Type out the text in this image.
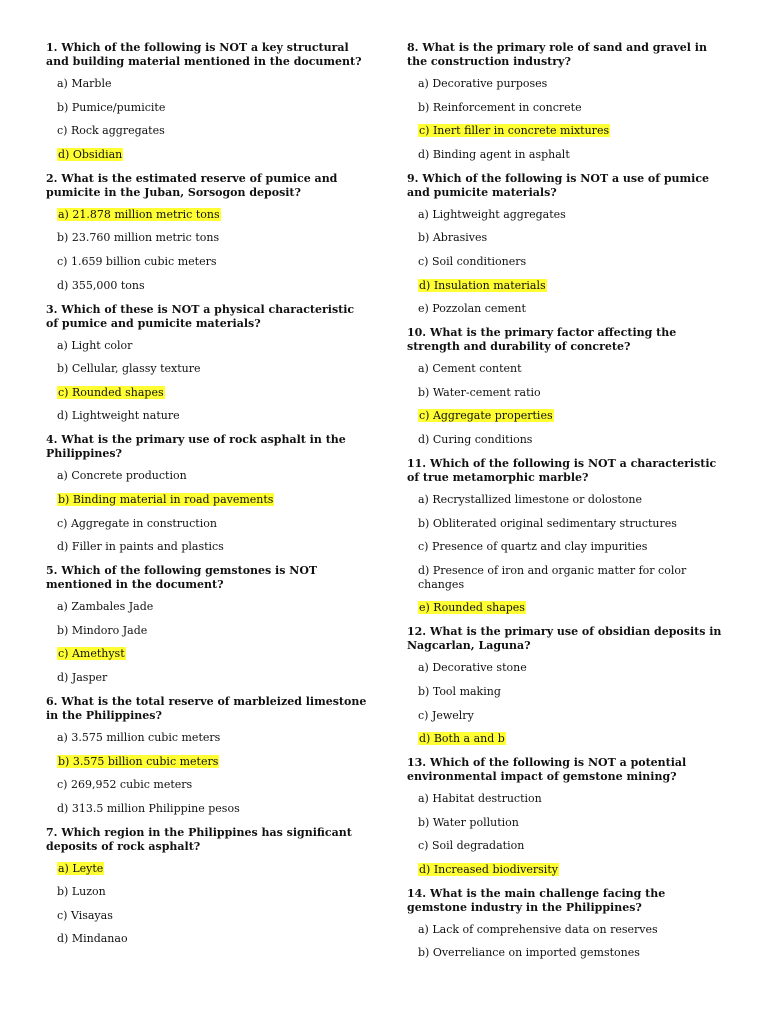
1. Which of the following is NOT a key structural and building material mentioned in the document?
a) Marble
b) Pumice/pumicite
c) Rock aggregates
d) Obsidian
2. What is the estimated reserve of pumice and pumicite in the Juban, Sorsogon deposit?
a) 21.878 million metric tons
b) 23.760 million metric tons
c) 1.659 billion cubic meters
d) 355,000 tons
3. Which of these is NOT a physical characteristic of pumice and pumicite materials?
a) Light color
b) Cellular, glassy texture
c) Rounded shapes
d) Lightweight nature
4. What is the primary use of rock asphalt in the Philippines?
a) Concrete production
b) Binding material in road pavements
c) Aggregate in construction
d) Filler in paints and plastics
5. Which of the following gemstones is NOT mentioned in the document?
a) Zambales Jade
b) Mindoro Jade
c) Amethyst
d) Jasper
6. What is the total reserve of marbleized limestone in the Philippines?
a) 3.575 million cubic meters
b) 3.575 billion cubic meters
c) 269,952 cubic meters
d) 313.5 million Philippine pesos
7. Which region in the Philippines has significant deposits of rock asphalt?
a) Leyte
b) Luzon
c) Visayas
d) Mindanao
8. What is the primary role of sand and gravel in the construction industry?
a) Decorative purposes
b) Reinforcement in concrete
c) Inert filler in concrete mixtures
d) Binding agent in asphalt
9. Which of the following is NOT a use of pumice and pumicite materials?
a) Lightweight aggregates
b) Abrasives
c) Soil conditioners
d) Insulation materials
e) Pozzolan cement
10. What is the primary factor affecting the strength and durability of concrete?
a) Cement content
b) Water-cement ratio
c) Aggregate properties
d) Curing conditions
11. Which of the following is NOT a characteristic of true metamorphic marble?
a) Recrystallized limestone or dolostone
b) Obliterated original sedimentary structures
c) Presence of quartz and clay impurities
d) Presence of iron and organic matter for color changes
e) Rounded shapes
12. What is the primary use of obsidian deposits in Nagcarlan, Laguna?
a) Decorative stone
b) Tool making
c) Jewelry
d) Both a and b
13. Which of the following is NOT a potential environmental impact of gemstone mining?
a) Habitat destruction
b) Water pollution
c) Soil degradation
d) Increased biodiversity
14. What is the main challenge facing the gemstone industry in the Philippines?
a) Lack of comprehensive data on reserves
b) Overreliance on imported gemstones
